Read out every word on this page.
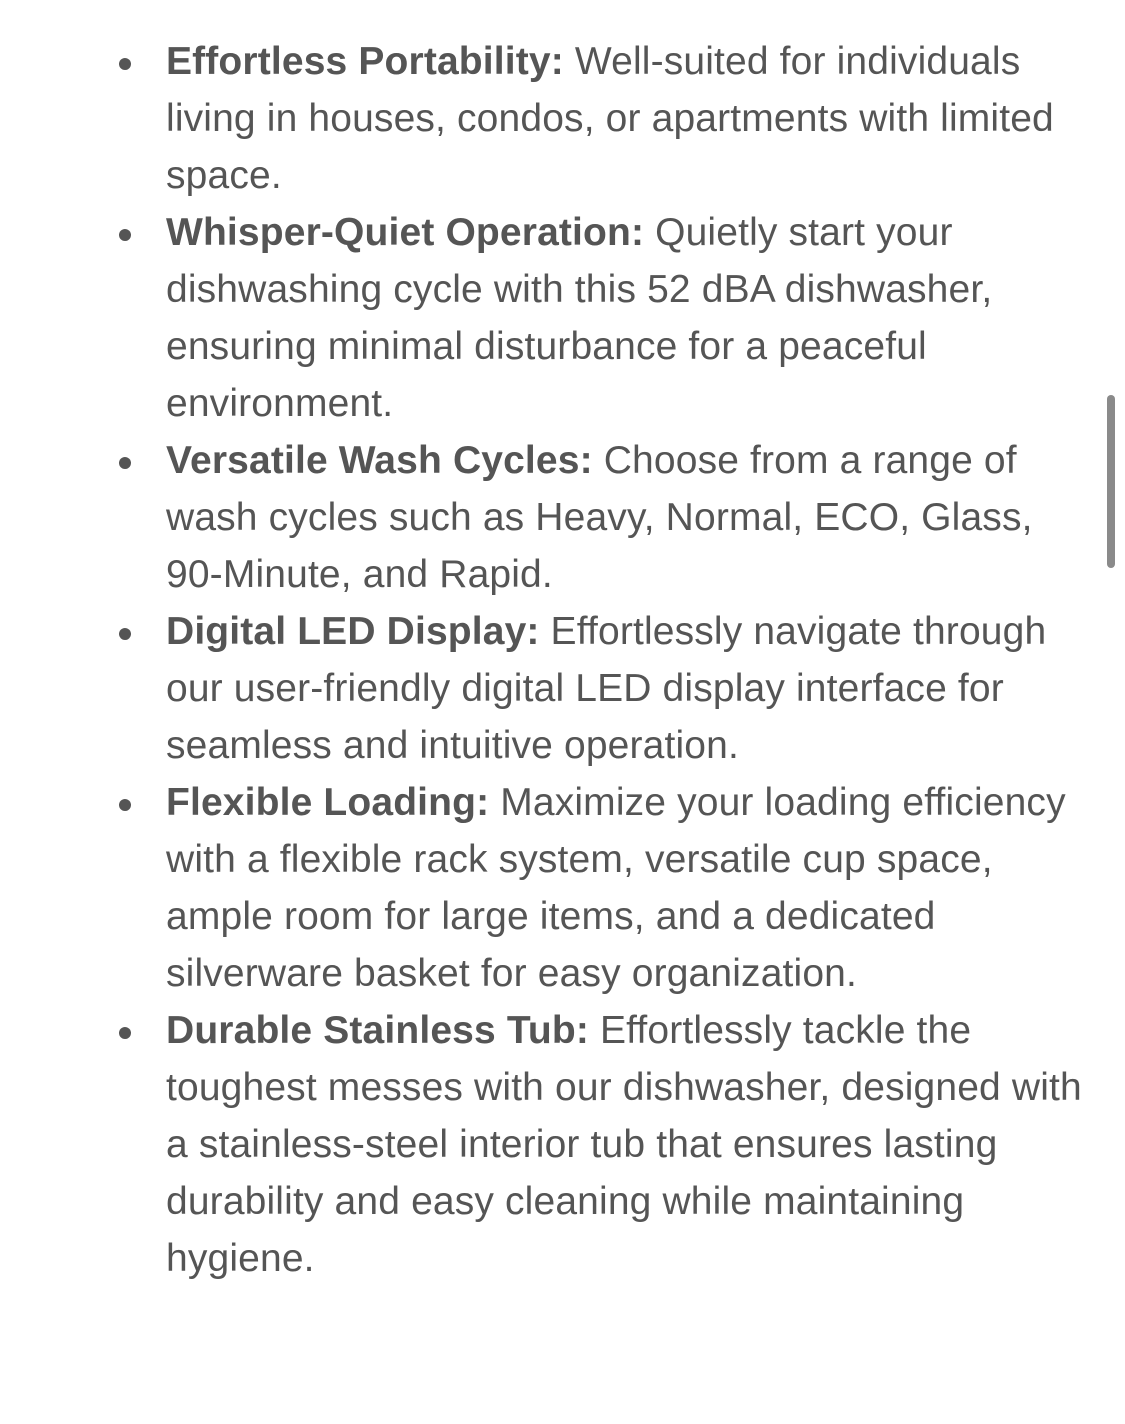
Effortless Portability: Well-suited for individuals living in houses, condos, or apartments with limited space.
Whisper-Quiet Operation: Quietly start your dishwashing cycle with this 52 dBA dishwasher, ensuring minimal disturbance for a peaceful environment.
Versatile Wash Cycles: Choose from a range of wash cycles such as Heavy, Normal, ECO, Glass, 90-Minute, and Rapid.
Digital LED Display: Effortlessly navigate through our user-friendly digital LED display interface for seamless and intuitive operation.
Flexible Loading: Maximize your loading efficiency with a flexible rack system, versatile cup space, ample room for large items, and a dedicated silverware basket for easy organization.
Durable Stainless Tub: Effortlessly tackle the toughest messes with our dishwasher, designed with a stainless-steel interior tub that ensures lasting durability and easy cleaning while maintaining hygiene.
